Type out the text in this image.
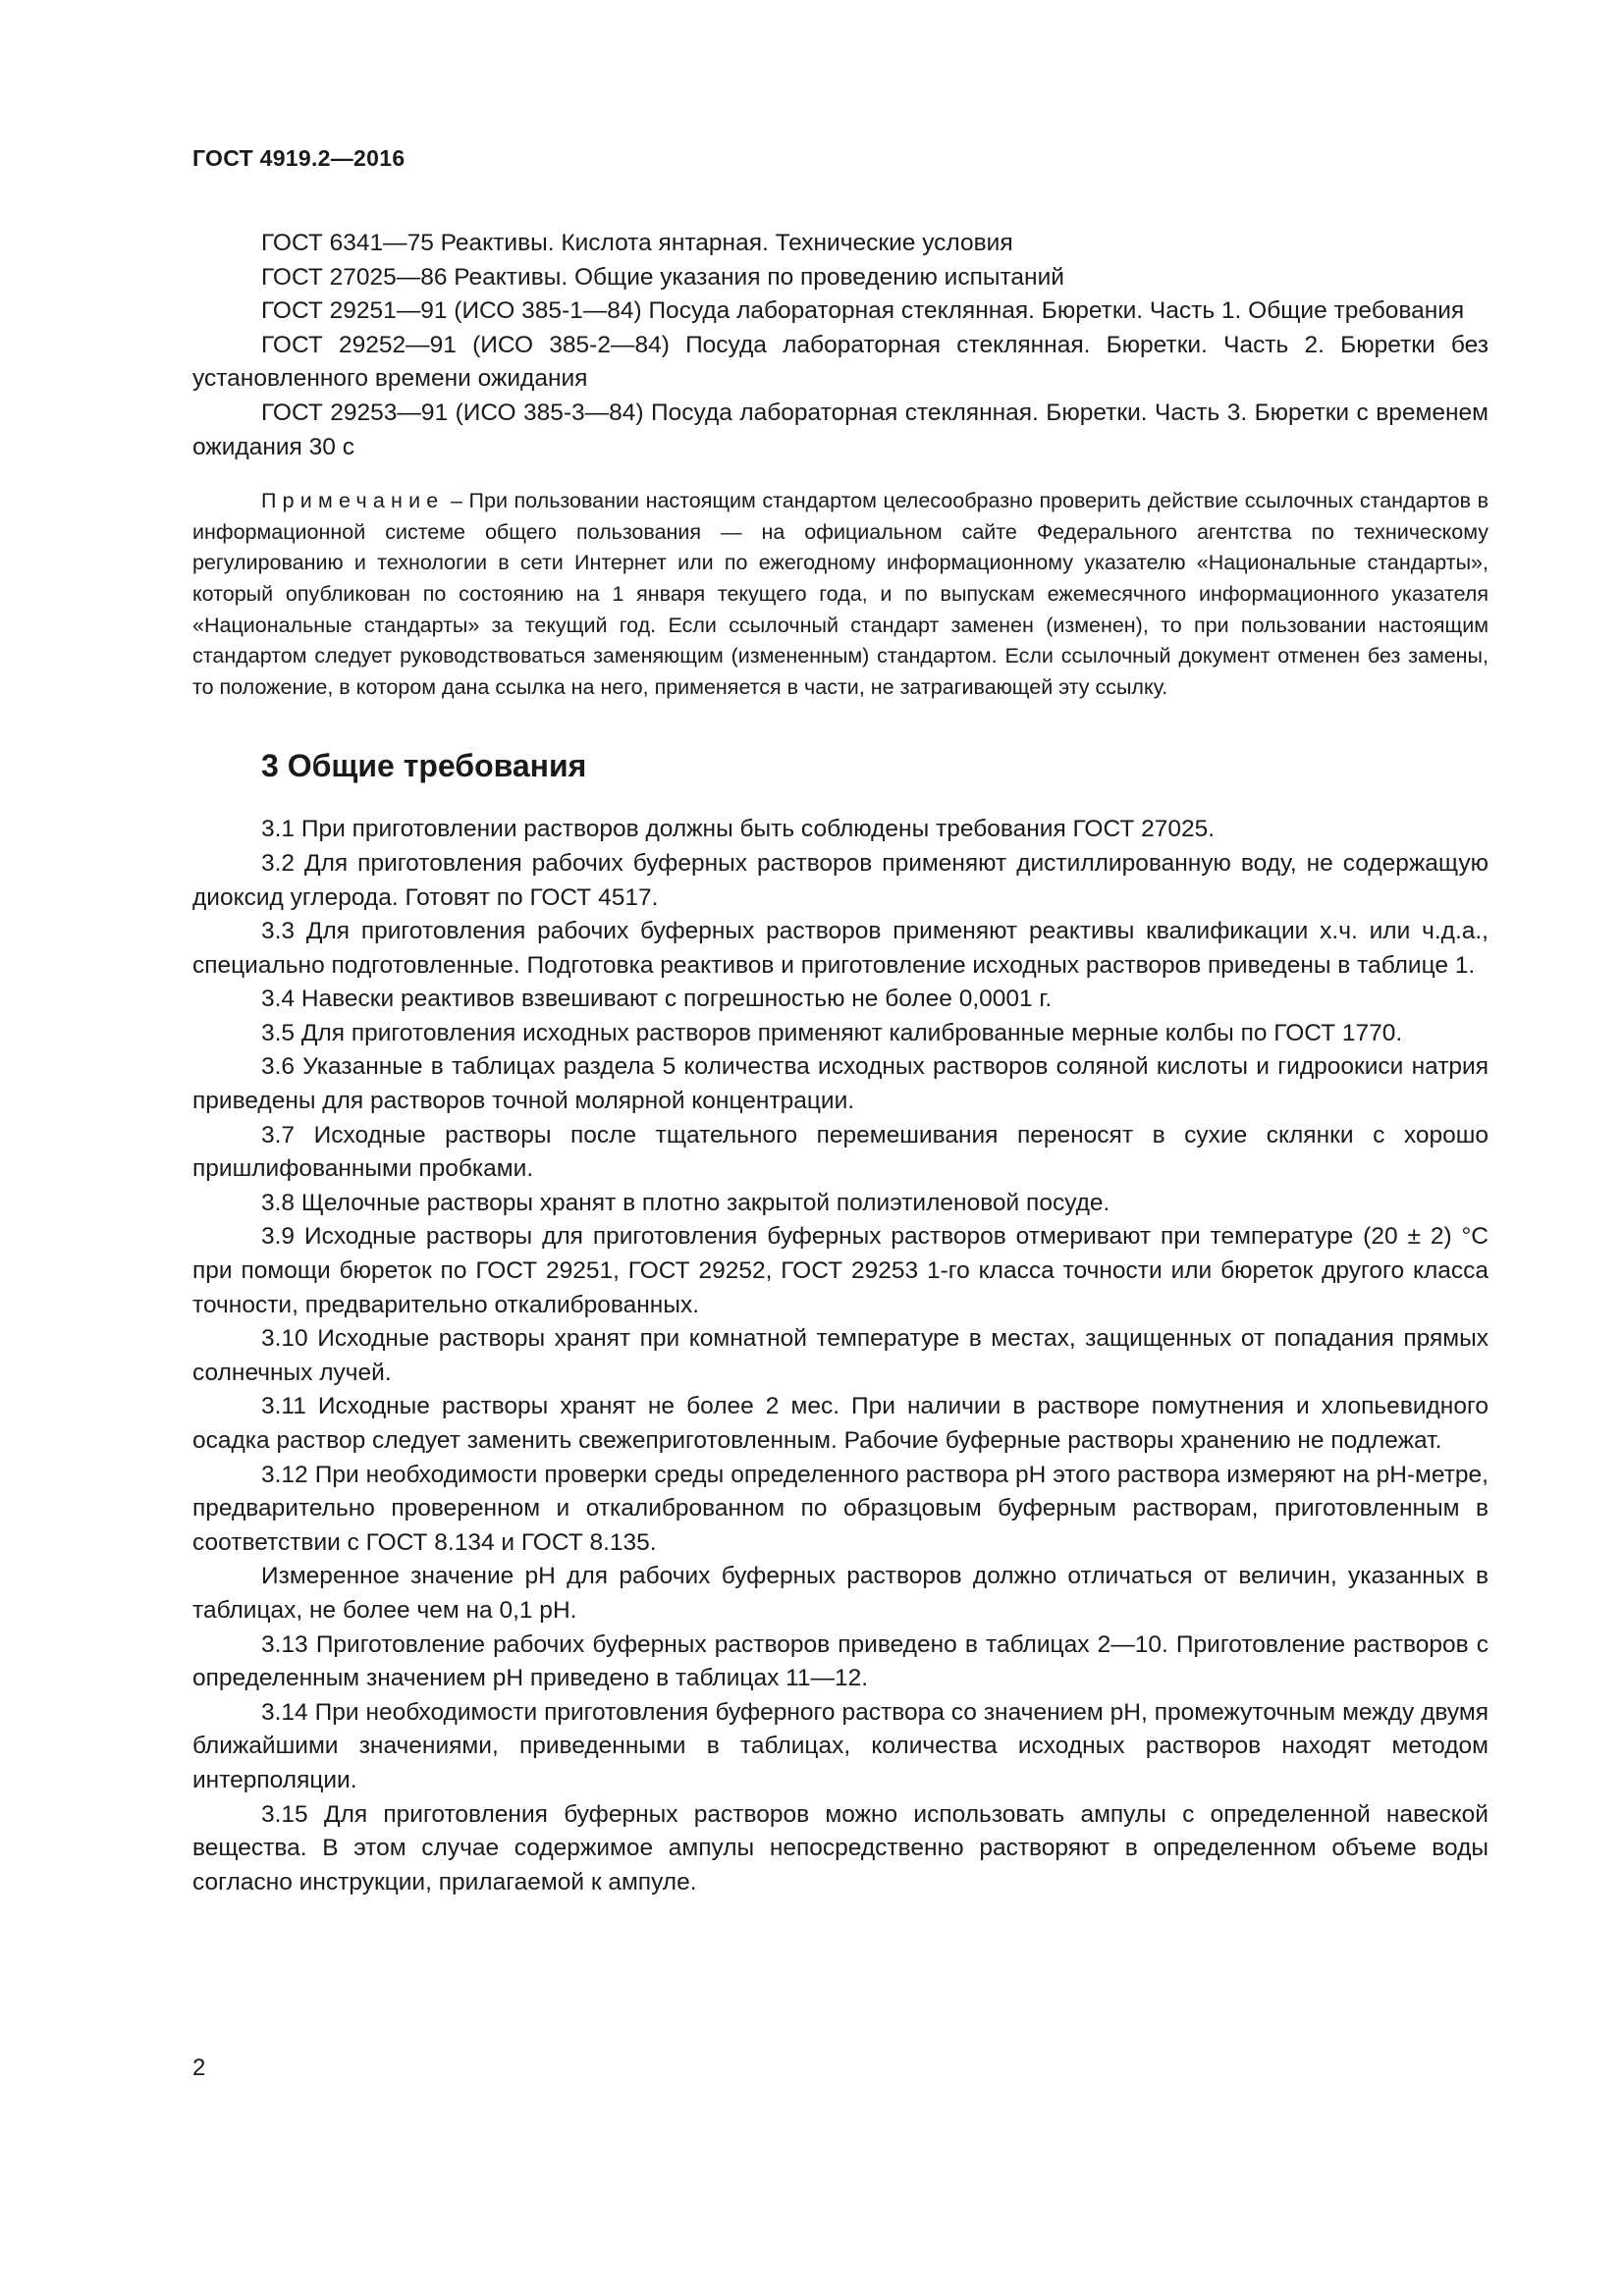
ГОСТ 4919.2—2016

ГОСТ 6341—75 Реактивы. Кислота янтарная. Технические условия

ГОСТ 27025—86 Реактивы. Общие указания по проведению испытаний

ГОСТ 29251—91 (ИСО 385-1—84) Посуда лабораторная стеклянная. Бюретки. Часть 1. Общие требования

ГОСТ 29252—91 (ИСО 385-2—84) Посуда лабораторная стеклянная. Бюретки. Часть 2. Бюретки без установленного времени ожидания

ГОСТ 29253—91 (ИСО 385-3—84) Посуда лабораторная стеклянная. Бюретки. Часть 3. Бюретки с временем ожидания 30 с

Примечание – При пользовании настоящим стандартом целесообразно проверить действие ссылочных стандартов в информационной системе общего пользования — на официальном сайте Федерального агентства по техническому регулированию и технологии в сети Интернет или по ежегодному информационному указателю «Национальные стандарты», который опубликован по состоянию на 1 января текущего года, и по выпускам ежемесячного информационного указателя «Национальные стандарты» за текущий год. Если ссылочный стандарт заменен (изменен), то при пользовании настоящим стандартом следует руководствоваться заменяющим (измененным) стандартом. Если ссылочный документ отменен без замены, то положение, в котором дана ссылка на него, применяется в части, не затрагивающей эту ссылку.
3 Общие требования

3.1 При приготовлении растворов должны быть соблюдены требования ГОСТ 27025.

3.2 Для приготовления рабочих буферных растворов применяют дистиллированную воду, не содержащую диоксид углерода. Готовят по ГОСТ 4517.

3.3 Для приготовления рабочих буферных растворов применяют реактивы квалификации х.ч. или ч.д.а., специально подготовленные. Подготовка реактивов и приготовление исходных растворов приведены в таблице 1.

3.4 Навески реактивов взвешивают с погрешностью не более 0,0001 г.

3.5 Для приготовления исходных растворов применяют калиброванные мерные колбы по ГОСТ 1770.

3.6 Указанные в таблицах раздела 5 количества исходных растворов соляной кислоты и гидроокиси натрия приведены для растворов точной молярной концентрации.

3.7 Исходные растворы после тщательного перемешивания переносят в сухие склянки с хорошо пришлифованными пробками.

3.8 Щелочные растворы хранят в плотно закрытой полиэтиленовой посуде.

3.9 Исходные растворы для приготовления буферных растворов отмеривают при температуре (20 ± 2) °С при помощи бюреток по ГОСТ 29251, ГОСТ 29252, ГОСТ 29253 1-го класса точности или бюреток другого класса точности, предварительно откалиброванных.

3.10 Исходные растворы хранят при комнатной температуре в местах, защищенных от попадания прямых солнечных лучей.

3.11 Исходные растворы хранят не более 2 мес. При наличии в растворе помутнения и хлопьевидного осадка раствор следует заменить свежеприготовленным. Рабочие буферные растворы хранению не подлежат.

3.12 При необходимости проверки среды определенного раствора рН этого раствора измеряют на рН-метре, предварительно проверенном и откалиброванном по образцовым буферным растворам, приготовленным в соответствии с ГОСТ 8.134 и ГОСТ 8.135.

Измеренное значение рН для рабочих буферных растворов должно отличаться от величин, указанных в таблицах, не более чем на 0,1 рН.

3.13 Приготовление рабочих буферных растворов приведено в таблицах 2—10. Приготовление растворов с определенным значением рН приведено в таблицах 11—12.

3.14 При необходимости приготовления буферного раствора со значением рН, промежуточным между двумя ближайшими значениями, приведенными в таблицах, количества исходных растворов находят методом интерполяции.

3.15 Для приготовления буферных растворов можно использовать ампулы с определенной навеской вещества. В этом случае содержимое ампулы непосредственно растворяют в определенном объеме воды согласно инструкции, прилагаемой к ампуле.

2
